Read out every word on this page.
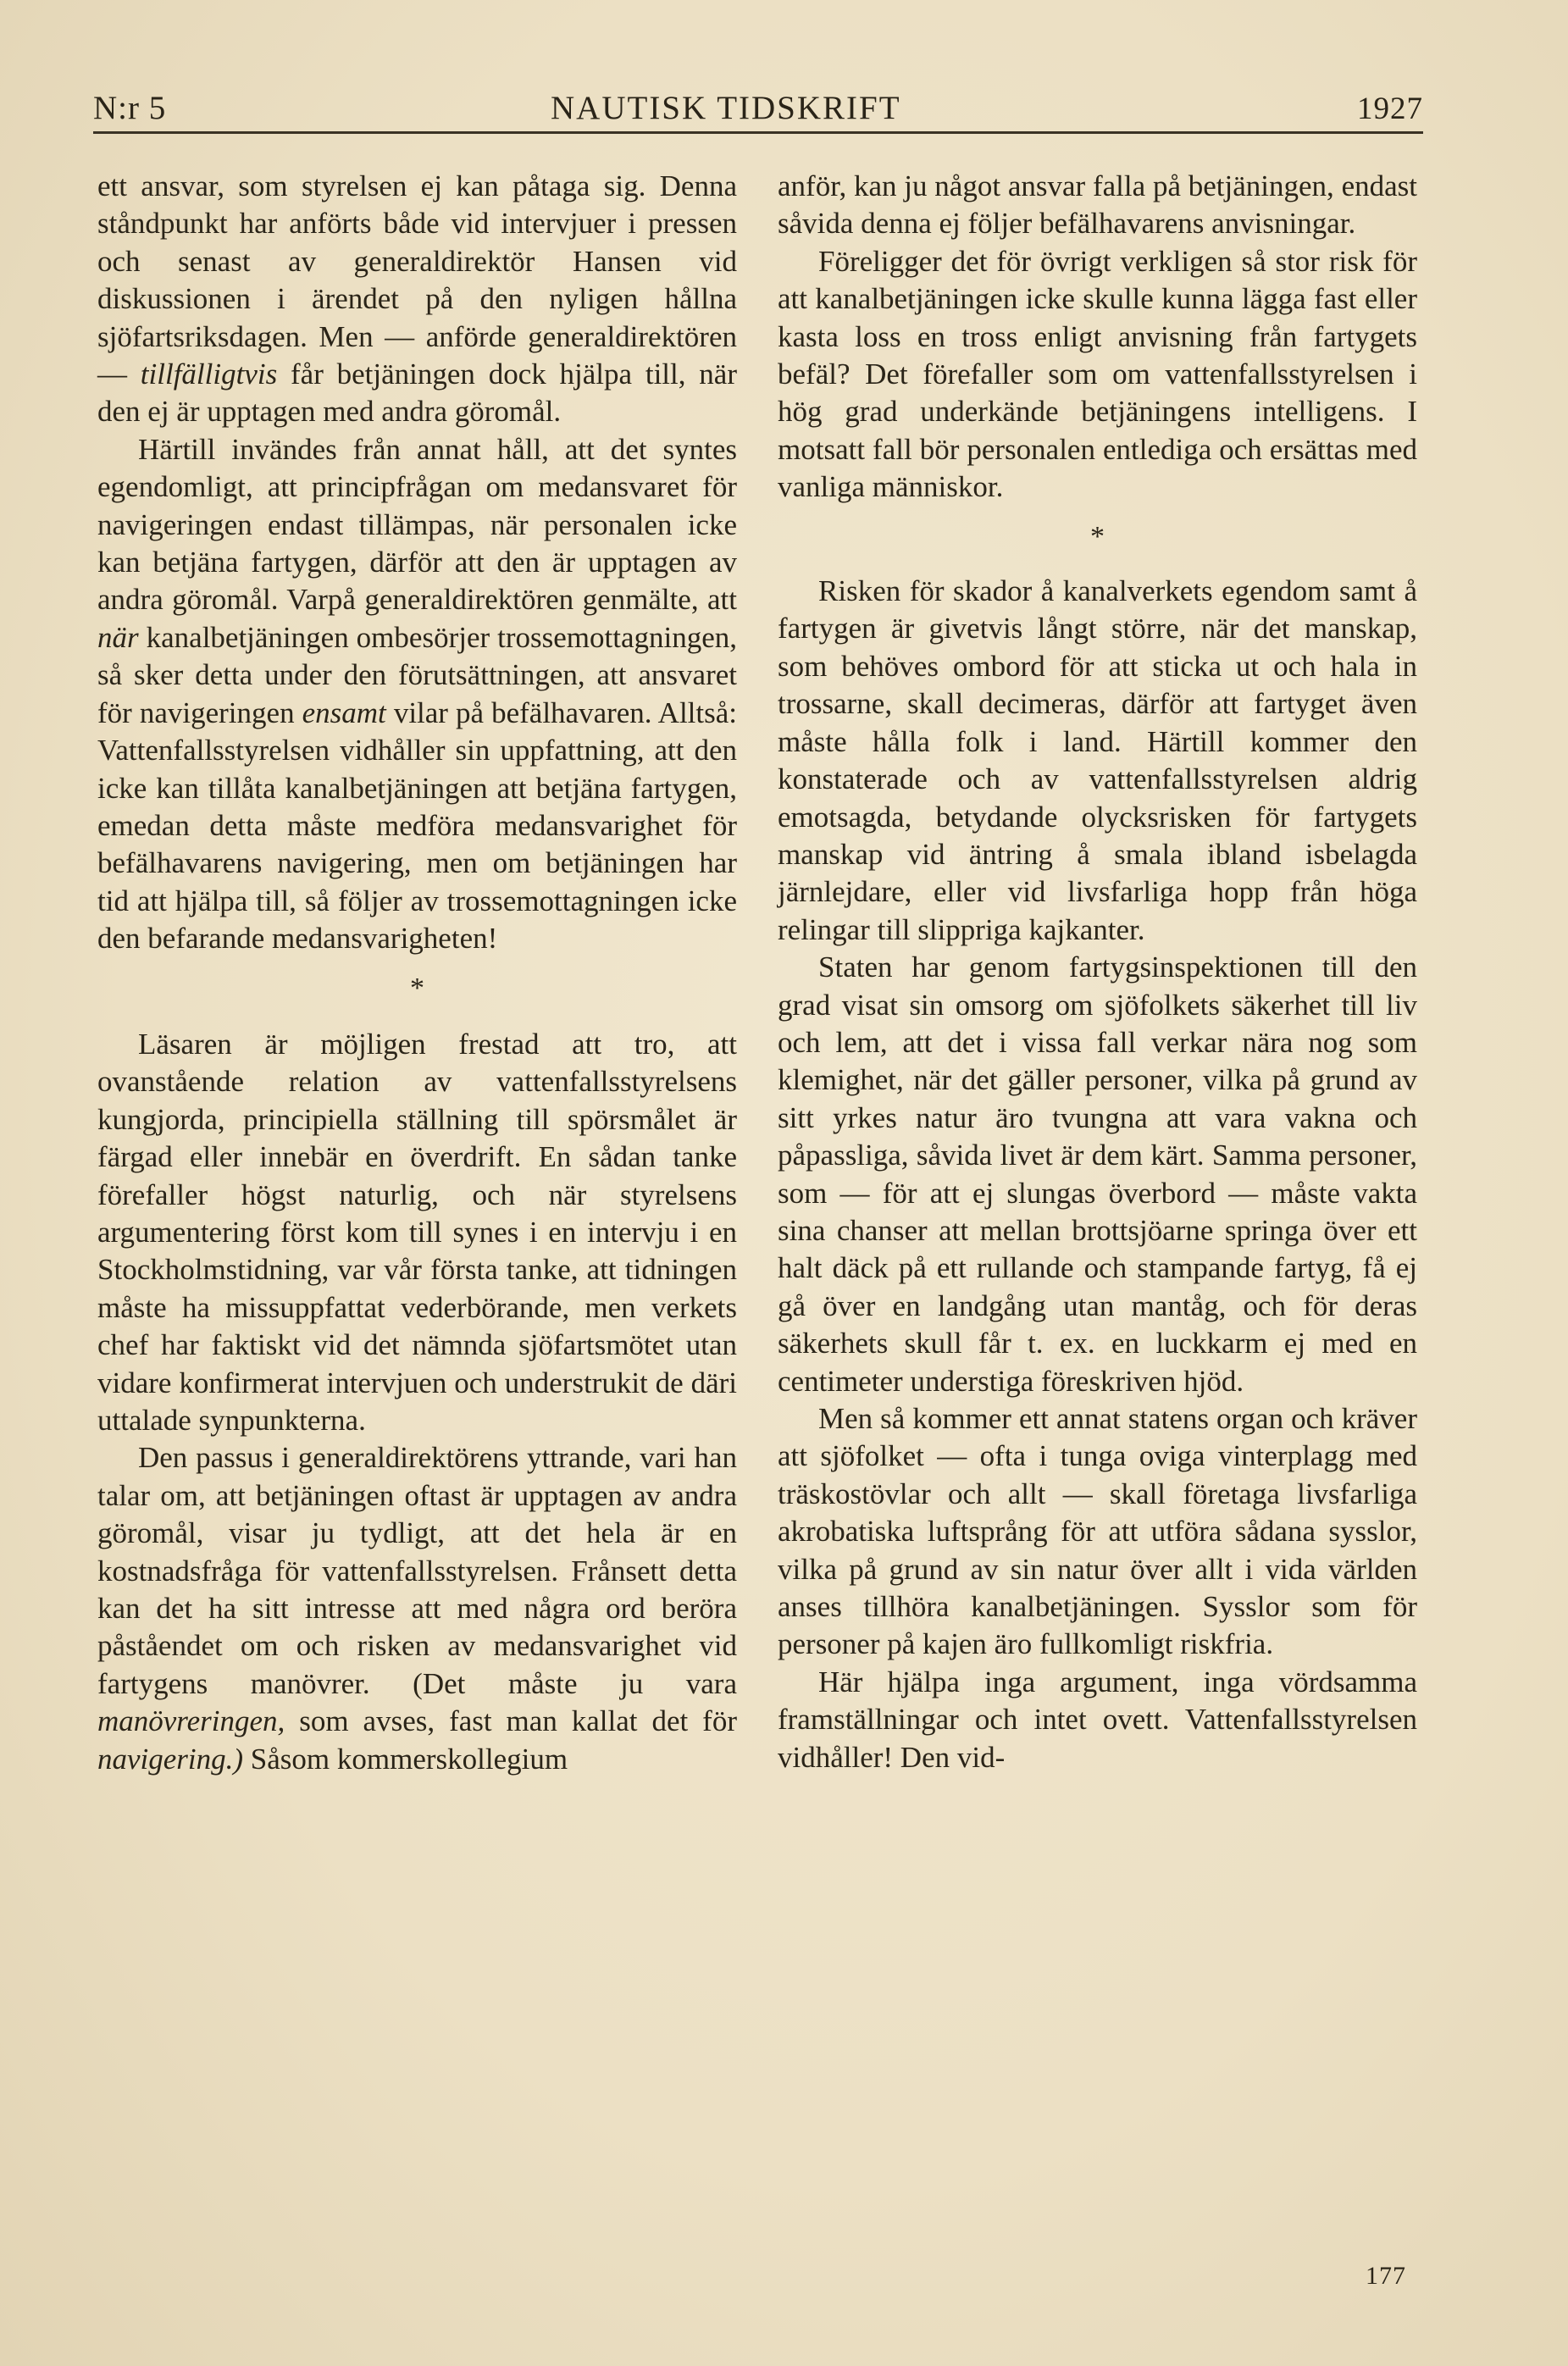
N:r 5	NAUTISK TIDSKRIFT	1927

ett ansvar, som styrelsen ej kan påtaga sig. Denna ståndpunkt har anförts både vid intervjuer i pressen och senast av generaldirektör Hansen vid diskussionen i ärendet på den nyligen hållna sjöfartsriksdagen. Men — anförde generaldirektören — tillfälligtvis får betjäningen dock hjälpa till, när den ej är upptagen med andra göromål.

Härtill invändes från annat håll, att det syntes egendomligt, att principfrågan om medansvaret för navigeringen endast tillämpas, när personalen icke kan betjäna fartygen, därför att den är upptagen av andra göromål. Varpå generaldirektören genmälte, att när kanalbetjäningen ombesörjer trossemottagningen, så sker detta under den förutsättningen, att ansvaret för navigeringen ensamt vilar på befälhavaren. Alltså: Vattenfallsstyrelsen vidhåller sin uppfattning, att den icke kan tillåta kanalbetjäningen att betjäna fartygen, emedan detta måste medföra medansvarighet för befälhavarens navigering, men om betjäningen har tid att hjälpa till, så följer av trossemottagningen icke den befarande medansvarigheten!

*

Läsaren är möjligen frestad att tro, att ovanstående relation av vattenfallsstyrelsens kungjorda, principiella ställning till spörsmålet är färgad eller innebär en överdrift. En sådan tanke förefaller högst naturlig, och när styrelsens argumentering först kom till synes i en intervju i en Stockholmstidning, var vår första tanke, att tidningen måste ha missuppfattat vederbörande, men verkets chef har faktiskt vid det nämnda sjöfartsmötet utan vidare konfirmerat intervjuen och understrukit de däri uttalade synpunkterna.

Den passus i generaldirektörens yttrande, vari han talar om, att betjäningen oftast är upptagen av andra göromål, visar ju tydligt, att det hela är en kostnadsfråga för vattenfallsstyrelsen. Frånsett detta kan det ha sitt intresse att med några ord beröra påståendet om och risken av medansvarighet vid fartygens manövrer. (Det måste ju vara manövreringen, som avses, fast man kallat det för navigering.) Såsom kommerskollegium

anför, kan ju något ansvar falla på betjäningen, endast såvida denna ej följer befälhavarens anvisningar.

Föreligger det för övrigt verkligen så stor risk för att kanalbetjäningen icke skulle kunna lägga fast eller kasta loss en tross enligt anvisning från fartygets befäl? Det förefaller som om vattenfallsstyrelsen i hög grad underkände betjäningens intelligens. I motsatt fall bör personalen entlediga och ersättas med vanliga människor.

*

Risken för skador å kanalverkets egendom samt å fartygen är givetvis långt större, när det manskap, som behöves ombord för att sticka ut och hala in trossarne, skall decimeras, därför att fartyget även måste hålla folk i land. Härtill kommer den konstaterade och av vattenfallsstyrelsen aldrig emotsagda, betydande olycksrisken för fartygets manskap vid äntring å smala ibland isbelagda järnlejdare, eller vid livsfarliga hopp från höga relingar till slippriga kajkanter.

Staten har genom fartygsinspektionen till den grad visat sin omsorg om sjöfolkets säkerhet till liv och lem, att det i vissa fall verkar nära nog som klemighet, när det gäller personer, vilka på grund av sitt yrkes natur äro tvungna att vara vakna och påpassliga, såvida livet är dem kärt. Samma personer, som — för att ej slungas överbord — måste vakta sina chanser att mellan brottsjöarne springa över ett halt däck på ett rullande och stampande fartyg, få ej gå över en landgång utan mantåg, och för deras säkerhets skull får t. ex. en luckkarm ej med en centimeter understiga föreskriven hjöd.

Men så kommer ett annat statens organ och kräver att sjöfolket — ofta i tunga oviga vinterplagg med träskostövlar och allt — skall företaga livsfarliga akrobatiska luftsprång för att utföra sådana sysslor, vilka på grund av sin natur över allt i vida världen anses tillhöra kanalbetjäningen. Sysslor som för personer på kajen äro fullkomligt riskfria.

Här hjälpa inga argument, inga vördsamma framställningar och intet ovett. Vattenfallsstyrelsen vidhåller! Den vid-

177
